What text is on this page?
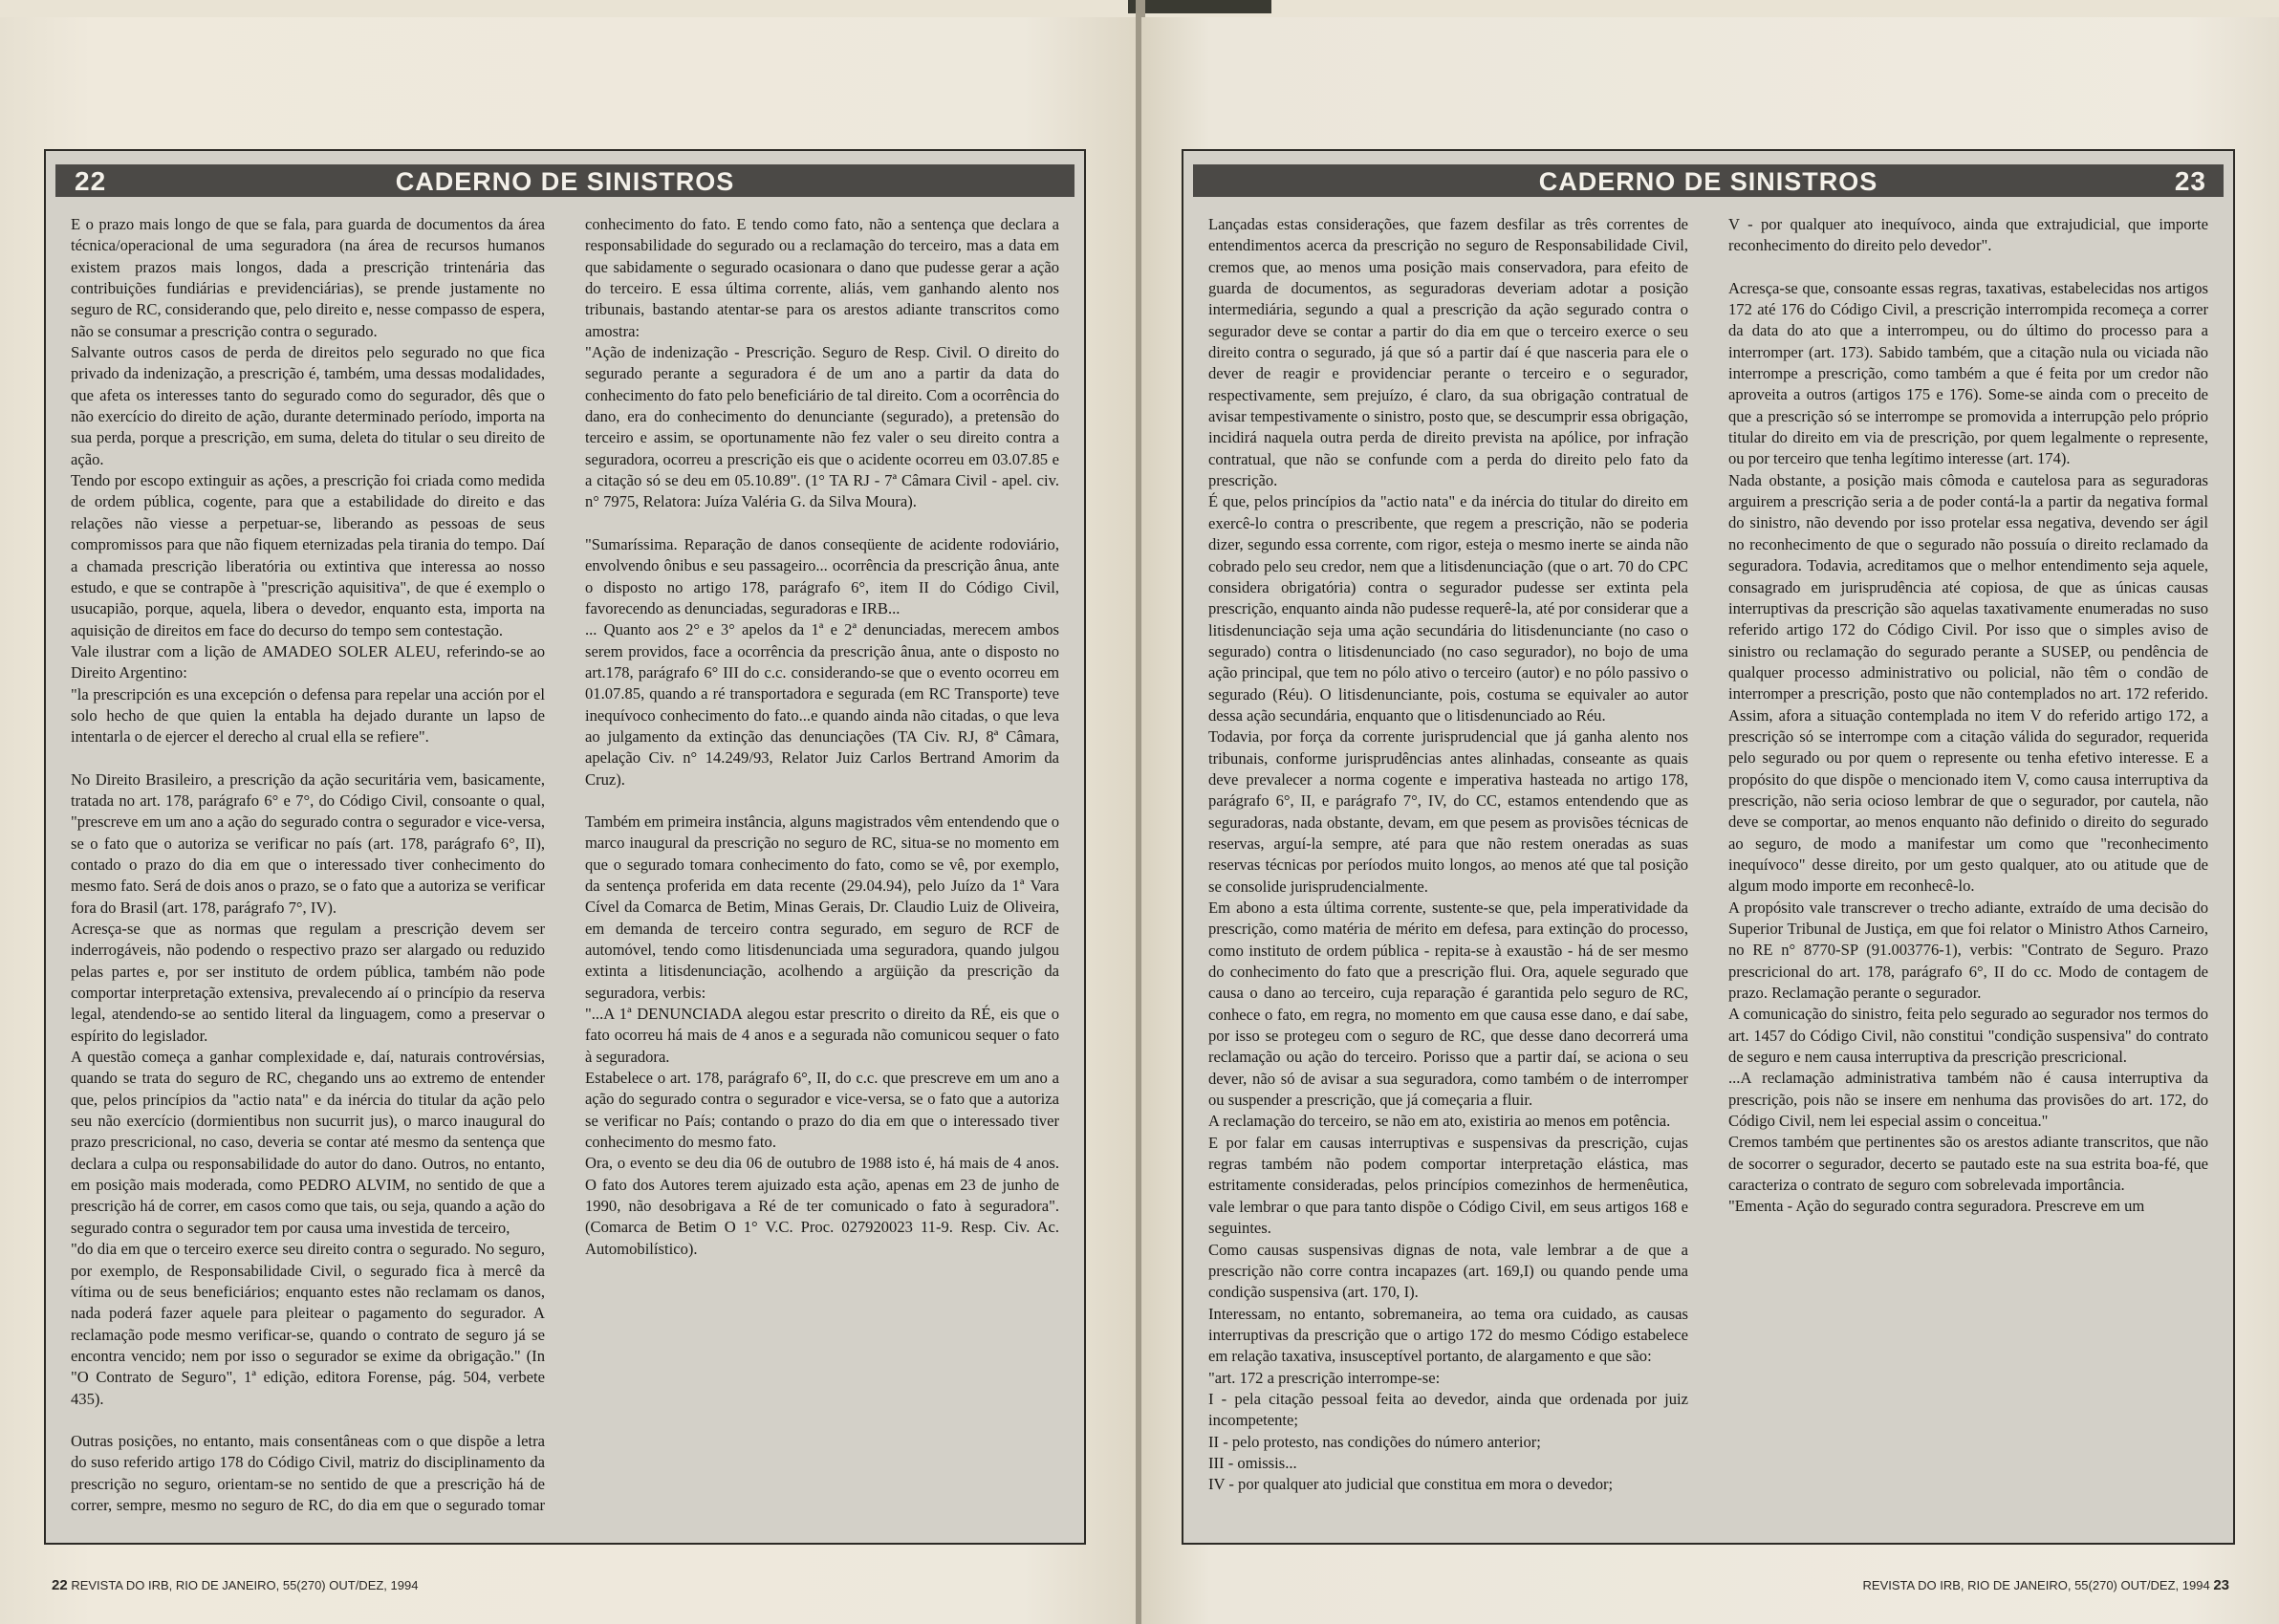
22	CADERNO DE SINISTROS

E o prazo mais longo de que se fala, para guarda de documentos da área técnica/operacional de uma seguradora (na área de recursos humanos existem prazos mais longos, dada a prescrição trintenária das contribuições fundiárias e previdenciárias), se prende justamente no seguro de RC, considerando que, pelo direito e, nesse compasso de espera, não se consumar a prescrição contra o segurado.

Salvante outros casos de perda de direitos pelo segurado no que fica privado da indenização, a prescrição é, também, uma dessas modalidades, que afeta os interesses tanto do segurado como do segurador, dês que o não exercício do direito de ação, durante determinado período, importa na sua perda, porque a prescrição, em suma, deleta do titular o seu direito de ação.

Tendo por escopo extinguir as ações, a prescrição foi criada como medida de ordem pública, cogente, para que a estabilidade do direito e das relações não viesse a perpetuar-se, liberando as pessoas de seus compromissos para que não fiquem eternizadas pela tirania do tempo. Daí a chamada prescrição liberatória ou extintiva que interessa ao nosso estudo, e que se contrapõe à "prescrição aquisitiva", de que é exemplo o usucapião, porque, aquela, libera o devedor, enquanto esta, importa na aquisição de direitos em face do decurso do tempo sem contestação.

Vale ilustrar com a lição de AMADEO SOLER ALEU, referindo-se ao Direito Argentino:

"la prescripción es una excepción o defensa para repelar una acción por el solo hecho de que quien la entabla ha dejado durante un lapso de intentarla o de ejercer el derecho al crual ella se refiere".

No Direito Brasileiro, a prescrição da ação securitária vem, basicamente, tratada no art. 178, parágrafo 6° e 7°, do Código Civil, consoante o qual, "prescreve em um ano a ação do segurado contra o segurador e vice-versa, se o fato que o autoriza se verificar no país (art. 178, parágrafo 6°, II), contado o prazo do dia em que o interessado tiver conhecimento do mesmo fato. Será de dois anos o prazo, se o fato que a autoriza se verificar fora do Brasil (art. 178, parágrafo 7°, IV).

Acresça-se que as normas que regulam a prescrição devem ser inderrogáveis, não podendo o respectivo prazo ser alargado ou reduzido pelas partes e, por ser instituto de ordem pública, também não pode comportar interpretação extensiva, prevalecendo aí o princípio da reserva legal, atendendo-se ao sentido literal da linguagem, como a preservar o espírito do legislador.

A questão começa a ganhar complexidade e, daí, naturais controvérsias, quando se trata do seguro de RC, chegando uns ao extremo de entender que, pelos princípios da "actio nata" e da inércia do titular da ação pelo seu não exercício (dormientibus non sucurrit jus), o marco inaugural do prazo prescricional, no caso, deveria se contar até mesmo da sentença que declara a culpa ou responsabilidade do autor do dano. Outros, no entanto, em posição mais moderada, como PEDRO ALVIM, no sentido de que a prescrição há de correr, em casos como que tais, ou seja, quando a ação do segurado contra o segurador tem por causa uma investida de terceiro,

"do dia em que o terceiro exerce seu direito contra o segurado. No seguro, por exemplo, de Responsabilidade Civil, o segurado fica à mercê da vítima ou de seus beneficiários; enquanto estes não reclamam os danos, nada poderá fazer aquele para pleitear o pagamento do segurador. A reclamação pode mesmo verificar-se, quando o contrato de seguro já se encontra vencido; nem por isso o segurador se exime da obrigação." (In "O Contrato de Seguro", 1ª edição, editora Forense, pág. 504, verbete 435).

Outras posições, no entanto, mais consentâneas com o que dispõe a letra do suso referido artigo 178 do Código Civil, matriz do disciplinamento da prescrição no seguro, orientam-se no sentido de que a prescrição há de correr, sempre, mesmo no seguro de RC, do dia em que o segurado tomar conhecimento do fato. E tendo como fato, não a sentença que declara a responsabilidade do segurado ou a reclamação do terceiro, mas a data em que sabidamente o segurado ocasionara o dano que pudesse gerar a ação do terceiro. E essa última corrente, aliás, vem ganhando alento nos tribunais, bastando atentar-se para os arestos adiante transcritos como amostra:

"Ação de indenização - Prescrição. Seguro de Resp. Civil. O direito do segurado perante a seguradora é de um ano a partir da data do conhecimento do fato pelo beneficiário de tal direito. Com a ocorrência do dano, era do conhecimento do denunciante (segurado), a pretensão do terceiro e assim, se oportunamente não fez valer o seu direito contra a seguradora, ocorreu a prescrição eis que o acidente ocorreu em 03.07.85 e a citação só se deu em 05.10.89". (1° TA RJ - 7ª Câmara Civil - apel. civ. n° 7975, Relatora: Juíza Valéria G. da Silva Moura).

"Sumaríssima. Reparação de danos conseqüente de acidente rodoviário, envolvendo ônibus e seu passageiro... ocorrência da prescrição ânua, ante o disposto no artigo 178, parágrafo 6°, item II do Código Civil, favorecendo as denunciadas, seguradoras e IRB...

... Quanto aos 2° e 3° apelos da 1ª e 2ª denunciadas, merecem ambos serem providos, face a ocorrência da prescrição ânua, ante o disposto no art.178, parágrafo 6° III do c.c. considerando-se que o evento ocorreu em 01.07.85, quando a ré transportadora e segurada (em RC Transporte) teve inequívoco conhecimento do fato...e quando ainda não citadas, o que leva ao julgamento da extinção das denunciações (TA Civ. RJ, 8ª Câmara, apelação Civ. n° 14.249/93, Relator Juiz Carlos Bertrand Amorim da Cruz).

Também em primeira instância, alguns magistrados vêm entendendo que o marco inaugural da prescrição no seguro de RC, situa-se no momento em que o segurado tomara conhecimento do fato, como se vê, por exemplo, da sentença proferida em data recente (29.04.94), pelo Juízo da 1ª Vara Cível da Comarca de Betim, Minas Gerais, Dr. Claudio Luiz de Oliveira, em demanda de terceiro contra segurado, em seguro de RCF de automóvel, tendo como litisdenunciada uma seguradora, quando julgou extinta a litisdenunciação, acolhendo a argüição da prescrição da seguradora, verbis:

"...A 1ª DENUNCIADA alegou estar prescrito o direito da RÉ, eis que o fato ocorreu há mais de 4 anos e a segurada não comunicou sequer o fato à seguradora.

Estabelece o art. 178, parágrafo 6°, II, do c.c. que prescreve em um ano a ação do segurado contra o segurador e vice-versa, se o fato que a autoriza se verificar no País; contando o prazo do dia em que o interessado tiver conhecimento do mesmo fato.

Ora, o evento se deu dia 06 de outubro de 1988 isto é, há mais de 4 anos. O fato dos Autores terem ajuizado esta ação, apenas em 23 de junho de 1990, não desobrigava a Ré de ter comunicado o fato à seguradora". (Comarca de Betim O 1° V.C. Proc. 027920023 11-9. Resp. Civ. Ac. Automobilístico).

22 REVISTA DO IRB, RIO DE JANEIRO, 55(270) OUT/DEZ, 1994
CADERNO DE SINISTROS	23

Lançadas estas considerações, que fazem desfilar as três correntes de entendimentos acerca da prescrição no seguro de Responsabilidade Civil, cremos que, ao menos uma posição mais conservadora, para efeito de guarda de documentos, as seguradoras deveriam adotar a posição intermediária, segundo a qual a prescrição da ação segurado contra o segurador deve se contar a partir do dia em que o terceiro exerce o seu direito contra o segurado, já que só a partir daí é que nasceria para ele o dever de reagir e providenciar perante o terceiro e o segurador, respectivamente, sem prejuízo, é claro, da sua obrigação contratual de avisar tempestivamente o sinistro, posto que, se descumprir essa obrigação, incidirá naquela outra perda de direito prevista na apólice, por infração contratual, que não se confunde com a perda do direito pelo fato da prescrição.

É que, pelos princípios da "actio nata" e da inércia do titular do direito em exercê-lo contra o prescribente, que regem a prescrição, não se poderia dizer, segundo essa corrente, com rigor, esteja o mesmo inerte se ainda não cobrado pelo seu credor, nem que a litisdenunciação (que o art. 70 do CPC considera obrigatória) contra o segurador pudesse ser extinta pela prescrição, enquanto ainda não pudesse requerê-la, até por considerar que a litisdenunciação seja uma ação secundária do litisdenunciante (no caso o segurado) contra o litisdenunciado (no caso segurador), no bojo de uma ação principal, que tem no pólo ativo o terceiro (autor) e no pólo passivo o segurado (Réu). O litisdenunciante, pois, costuma se equivaler ao autor dessa ação secundária, enquanto que o litisdenunciado ao Réu.

Todavia, por força da corrente jurisprudencial que já ganha alento nos tribunais, conforme jurisprudências antes alinhadas, conseante as quais deve prevalecer a norma cogente e imperativa hasteada no artigo 178, parágrafo 6°, II, e parágrafo 7°, IV, do CC, estamos entendendo que as seguradoras, nada obstante, devam, em que pesem as provisões técnicas de reservas, arguí-la sempre, até para que não restem oneradas as suas reservas técnicas por períodos muito longos, ao menos até que tal posição se consolide jurisprudencialmente.

Em abono a esta última corrente, sustente-se que, pela imperatividade da prescrição, como matéria de mérito em defesa, para extinção do processo, como instituto de ordem pública - repita-se à exaustão - há de ser mesmo do conhecimento do fato que a prescrição flui. Ora, aquele segurado que causa o dano ao terceiro, cuja reparação é garantida pelo seguro de RC, conhece o fato, em regra, no momento em que causa esse dano, e daí sabe, por isso se protegeu com o seguro de RC, que desse dano decorrerá uma reclamação ou ação do terceiro. Porisso que a partir daí, se aciona o seu dever, não só de avisar a sua seguradora, como também o de interromper ou suspender a prescrição, que já começaria a fluir.

A reclamação do terceiro, se não em ato, existiria ao menos em potência.

E por falar em causas interruptivas e suspensivas da prescrição, cujas regras também não podem comportar interpretação elástica, mas estritamente consideradas, pelos princípios comezinhos de hermenêutica, vale lembrar o que para tanto dispõe o Código Civil, em seus artigos 168 e seguintes.

Como causas suspensivas dignas de nota, vale lembrar a de que a prescrição não corre contra incapazes (art. 169,I) ou quando pende uma condição suspensiva (art. 170, I).

Interessam, no entanto, sobremaneira, ao tema ora cuidado, as causas interruptivas da prescrição que o artigo 172 do mesmo Código estabelece em relação taxativa, insusceptível portanto, de alargamento e que são:

"art. 172 a prescrição interrompe-se:

I - pela citação pessoal feita ao devedor, ainda que ordenada por juiz incompetente;

II - pelo protesto, nas condições do número anterior;

III - omissis...

IV - por qualquer ato judicial que constitua em mora o devedor;

V - por qualquer ato inequívoco, ainda que extrajudicial, que importe reconhecimento do direito pelo devedor".

Acresça-se que, consoante essas regras, taxativas, estabelecidas nos artigos 172 até 176 do Código Civil, a prescrição interrompida recomeça a correr da data do ato que a interrompeu, ou do último do processo para a interromper (art. 173). Sabido também, que a citação nula ou viciada não interrompe a prescrição, como também a que é feita por um credor não aproveita a outros (artigos 175 e 176). Some-se ainda com o preceito de que a prescrição só se interrompe se promovida a interrupção pelo próprio titular do direito em via de prescrição, por quem legalmente o represente, ou por terceiro que tenha legítimo interesse (art. 174).

Nada obstante, a posição mais cômoda e cautelosa para as seguradoras arguirem a prescrição seria a de poder contá-la a partir da negativa formal do sinistro, não devendo por isso protelar essa negativa, devendo ser ágil no reconhecimento de que o segurado não possuía o direito reclamado da seguradora. Todavia, acreditamos que o melhor entendimento seja aquele, consagrado em jurisprudência até copiosa, de que as únicas causas interruptivas da prescrição são aquelas taxativamente enumeradas no suso referido artigo 172 do Código Civil. Por isso que o simples aviso de sinistro ou reclamação do segurado perante a SUSEP, ou pendência de qualquer processo administrativo ou policial, não têm o condão de interromper a prescrição, posto que não contemplados no art. 172 referido. Assim, afora a situação contemplada no item V do referido artigo 172, a prescrição só se interrompe com a citação válida do segurador, requerida pelo segurado ou por quem o represente ou tenha efetivo interesse. E a propósito do que dispõe o mencionado item V, como causa interruptiva da prescrição, não seria ocioso lembrar de que o segurador, por cautela, não deve se comportar, ao menos enquanto não definido o direito do segurado ao seguro, de modo a manifestar um como que "reconhecimento inequívoco" desse direito, por um gesto qualquer, ato ou atitude que de algum modo importe em reconhecê-lo.

A propósito vale transcrever o trecho adiante, extraído de uma decisão do Superior Tribunal de Justiça, em que foi relator o Ministro Athos Carneiro, no RE n° 8770-SP (91.003776-1), verbis: "Contrato de Seguro. Prazo prescricional do art. 178, parágrafo 6°, II do cc. Modo de contagem de prazo. Reclamação perante o segurador.

A comunicação do sinistro, feita pelo segurado ao segurador nos termos do art. 1457 do Código Civil, não constitui "condição suspensiva" do contrato de seguro e nem causa interruptiva da prescrição prescricional.

...A reclamação administrativa também não é causa interruptiva da prescrição, pois não se insere em nenhuma das provisões do art. 172, do Código Civil, nem lei especial assim o conceitua."

Cremos também que pertinentes são os arestos adiante transcritos, que não de socorrer o segurador, decerto se pautado este na sua estrita boa-fé, que caracteriza o contrato de seguro com sobrelevada importância.

"Ementa - Ação do segurado contra seguradora. Prescreve em um

REVISTA DO IRB, RIO DE JANEIRO, 55(270) OUT/DEZ, 1994 23
